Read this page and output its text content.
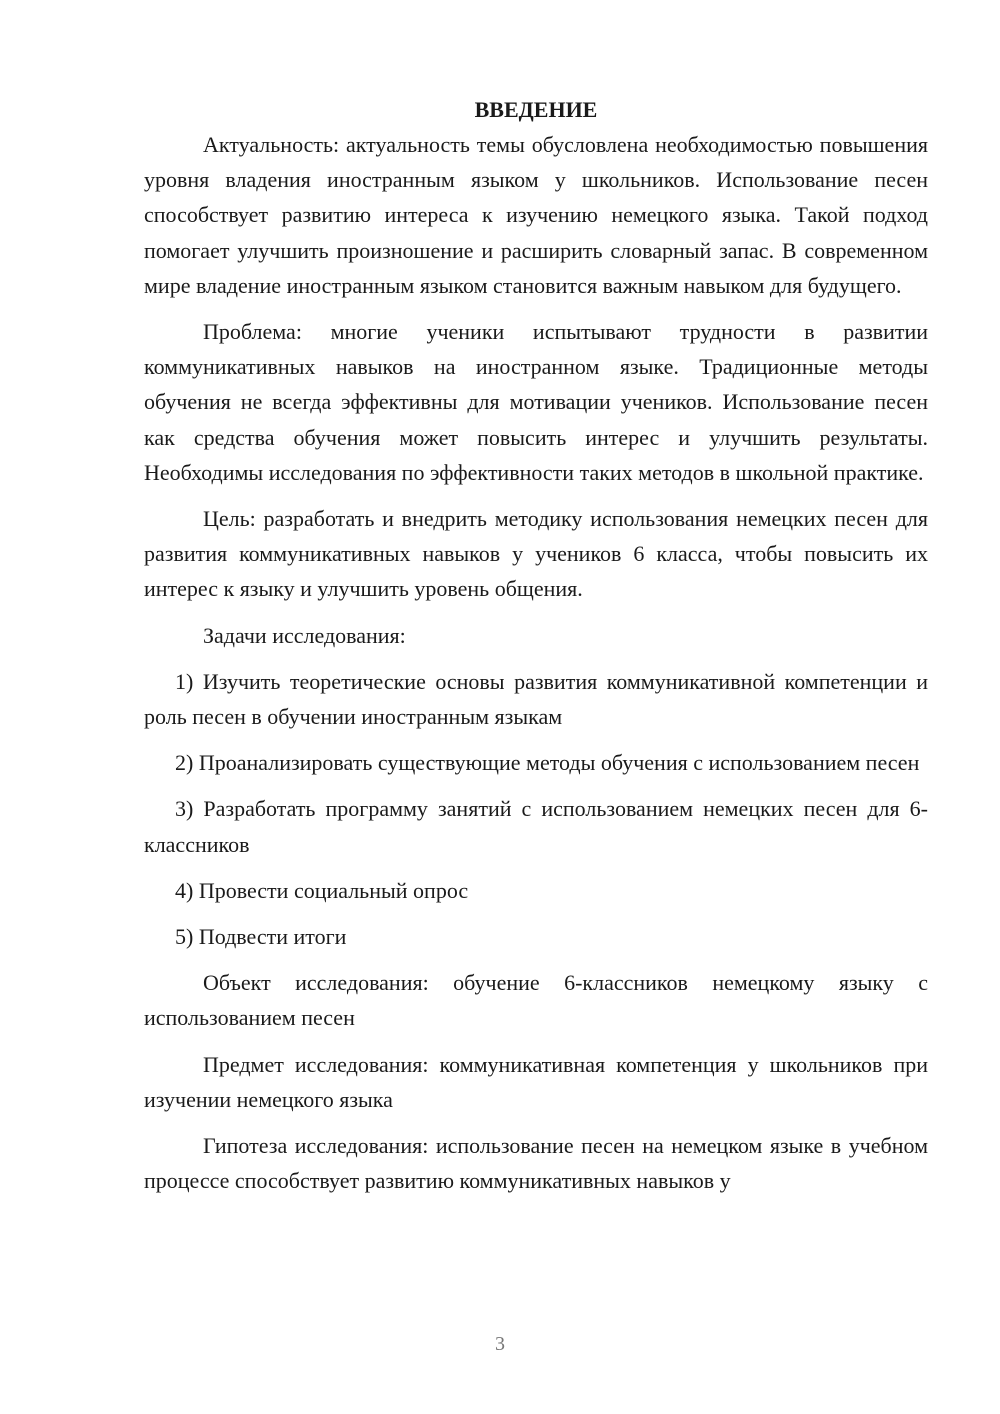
ВВЕДЕНИЕ

Актуальность: актуальность темы обусловлена необходимостью повышения уровня владения иностранным языком у школьников. Использование песен способствует развитию интереса к изучению немецкого языка. Такой подход помогает улучшить произношение и расширить словарный запас. В современном мире владение иностранным языком становится важным навыком для будущего.

Проблема: многие ученики испытывают трудности в развитии коммуникативных навыков на иностранном языке. Традиционные методы обучения не всегда эффективны для мотивации учеников. Использование песен как средства обучения может повысить интерес и улучшить результаты. Необходимы исследования по эффективности таких методов в школьной практике.

Цель: разработать и внедрить методику использования немецких песен для развития коммуникативных навыков у учеников 6 класса, чтобы повысить их интерес к языку и улучшить уровень общения.

Задачи исследования:

1) Изучить теоретические основы развития коммуникативной компетенции и роль песен в обучении иностранным языкам

2) Проанализировать существующие методы обучения с использованием песен

3) Разработать программу занятий с использованием немецких песен для 6-классников

4) Провести социальный опрос

5) Подвести итоги

Объект исследования: обучение 6-классников немецкому языку с использованием песен

Предмет исследования: коммуникативная компетенция у школьников при изучении немецкого языка

Гипотеза исследования: использование песен на немецком языке в учебном процессе способствует развитию коммуникативных навыков у

3
